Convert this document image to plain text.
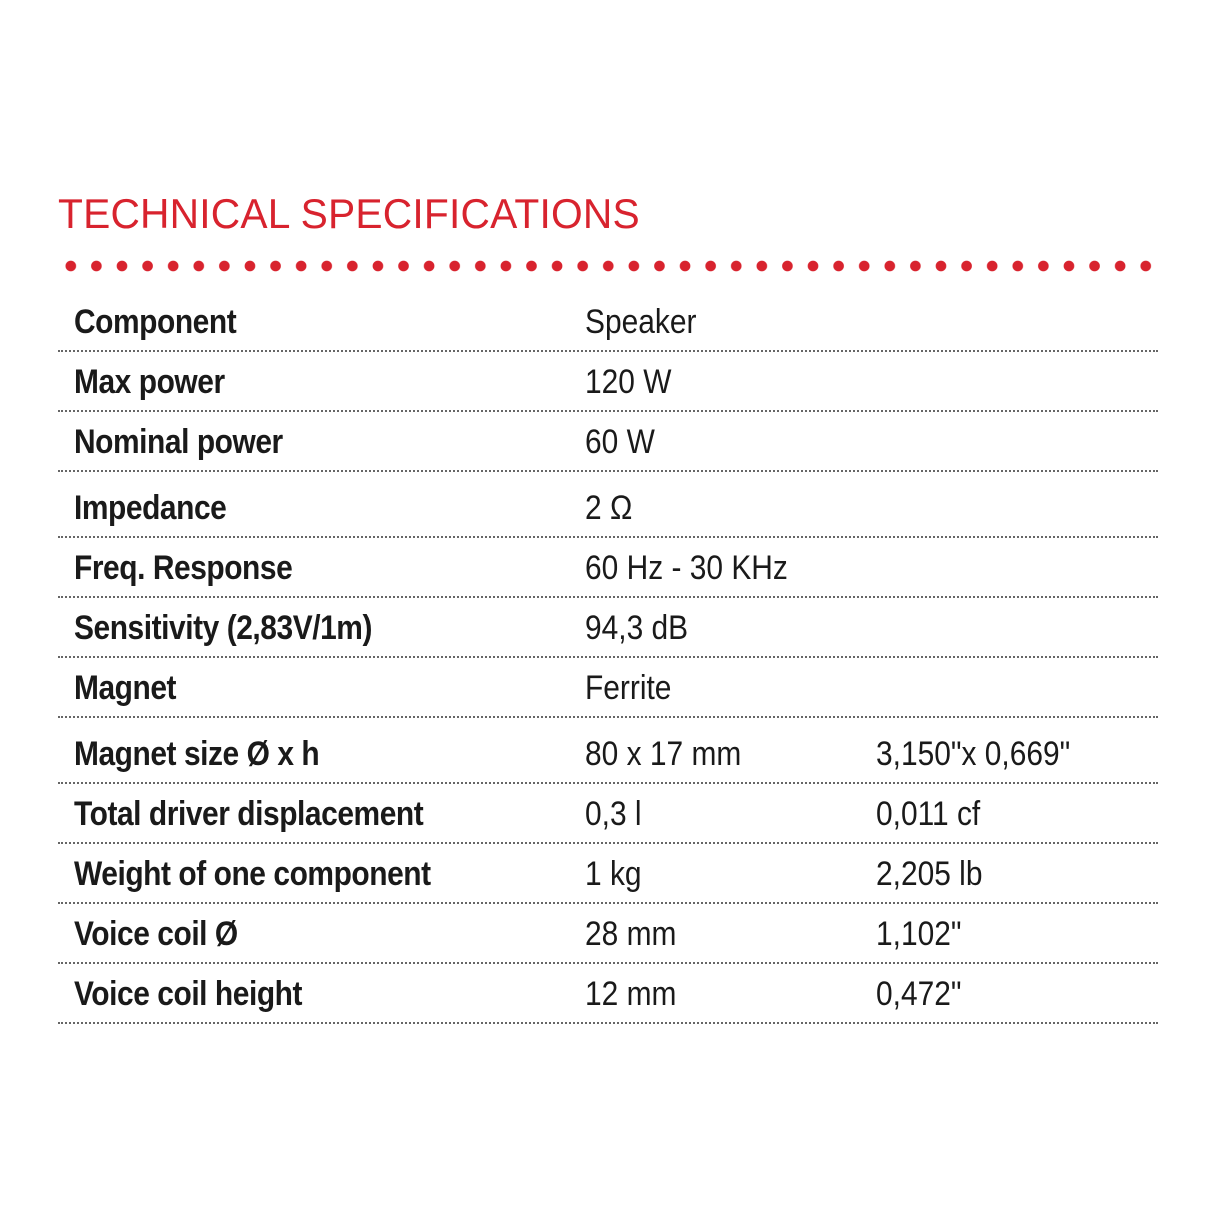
TECHNICAL SPECIFICATIONS
Component	Speaker
Max power	120 W
Nominal power	60 W
Impedance	2 Ω
Freq. Response	60 Hz - 30 KHz
Sensitivity (2,83V/1m)	94,3 dB
Magnet	Ferrite
Magnet size Ø x h	80 x 17 mm	3,150"x 0,669"
Total driver displacement	0,3 l	0,011 cf
Weight of one component	1 kg	2,205 lb
Voice coil Ø	28 mm	1,102"
Voice coil height	12 mm	0,472"
